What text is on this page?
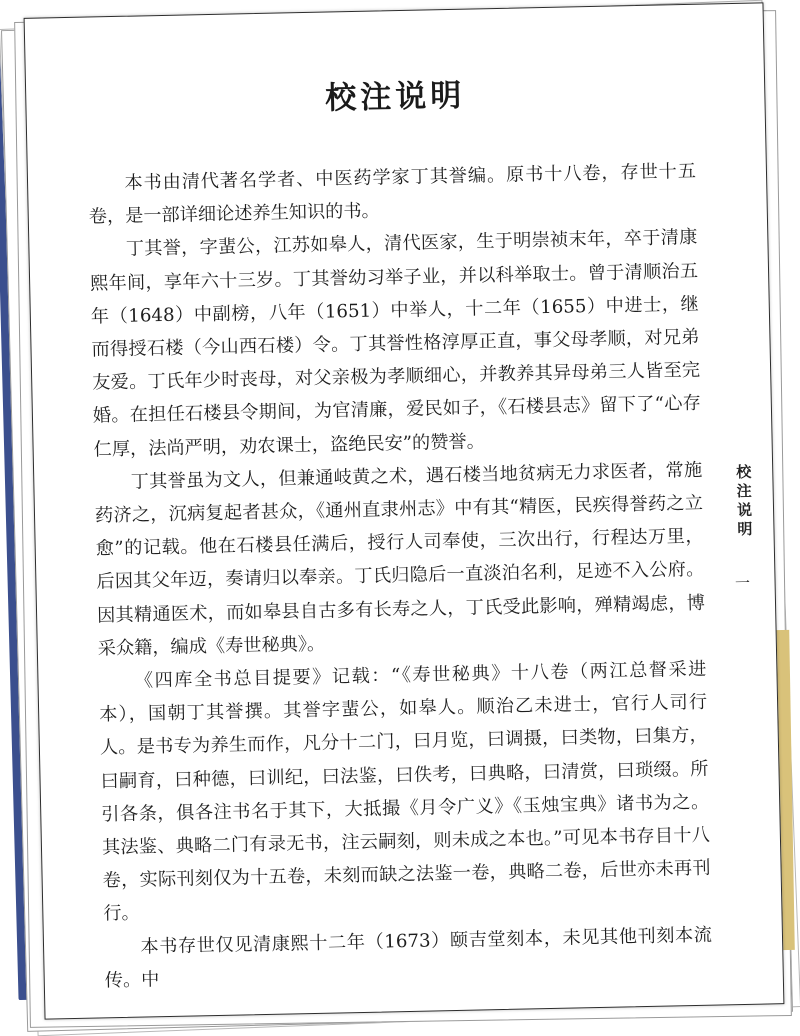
校注说明

本书由清代著名学者、中医药学家丁其誉编。原书十八卷，存世十五卷，是一部详细论述养生知识的书。

丁其誉，字蜚公，江苏如皋人，清代医家，生于明崇祯末年，卒于清康熙年间，享年六十三岁。丁其誉幼习举子业，并以科举取士。曾于清顺治五年（1648）中副榜，八年（1651）中举人，十二年（1655）中进士，继而得授石楼（今山西石楼）令。丁其誉性格淳厚正直，事父母孝顺，对兄弟友爱。丁氏年少时丧母，对父亲极为孝顺细心，并教养其异母弟三人皆至完婚。在担任石楼县令期间，为官清廉，爱民如子，《石楼县志》留下了“心存仁厚，法尚严明，劝农课士，盗绝民安”的赞誉。

丁其誉虽为文人，但兼通岐黄之术，遇石楼当地贫病无力求医者，常施药济之，沉病复起者甚众，《通州直隶州志》中有其“精医，民疾得誉药之立愈”的记载。他在石楼县任满后，授行人司奉使，三次出行，行程达万里，后因其父年迈，奏请归以奉亲。丁氏归隐后一直淡泊名利，足迹不入公府。因其精通医术，而如皋县自古多有长寿之人，丁氏受此影响，殚精竭虑，博采众籍，编成《寿世秘典》。

《四库全书总目提要》记载：“《寿世秘典》十八卷（两江总督采进本），国朝丁其誉撰。其誉字蜚公，如皋人。顺治乙未进士，官行人司行人。是书专为养生而作，凡分十二门，曰月览，曰调摄，曰类物，曰集方，曰嗣育，曰种德，曰训纪，曰法鉴，曰佚考，曰典略，曰清赏，曰琐缀。所引各条，俱各注书名于其下，大抵撮《月令广义》《玉烛宝典》诸书为之。其法鉴、典略二门有录无书，注云嗣刻，则未成之本也。”可见本书存目十八卷，实际刊刻仅为十五卷，未刻而缺之法鉴一卷，典略二卷，后世亦未再刊行。

本书存世仅见清康熙十二年（1673）颐吉堂刻本，未见其他刊刻本流传。中

校注说明
一
